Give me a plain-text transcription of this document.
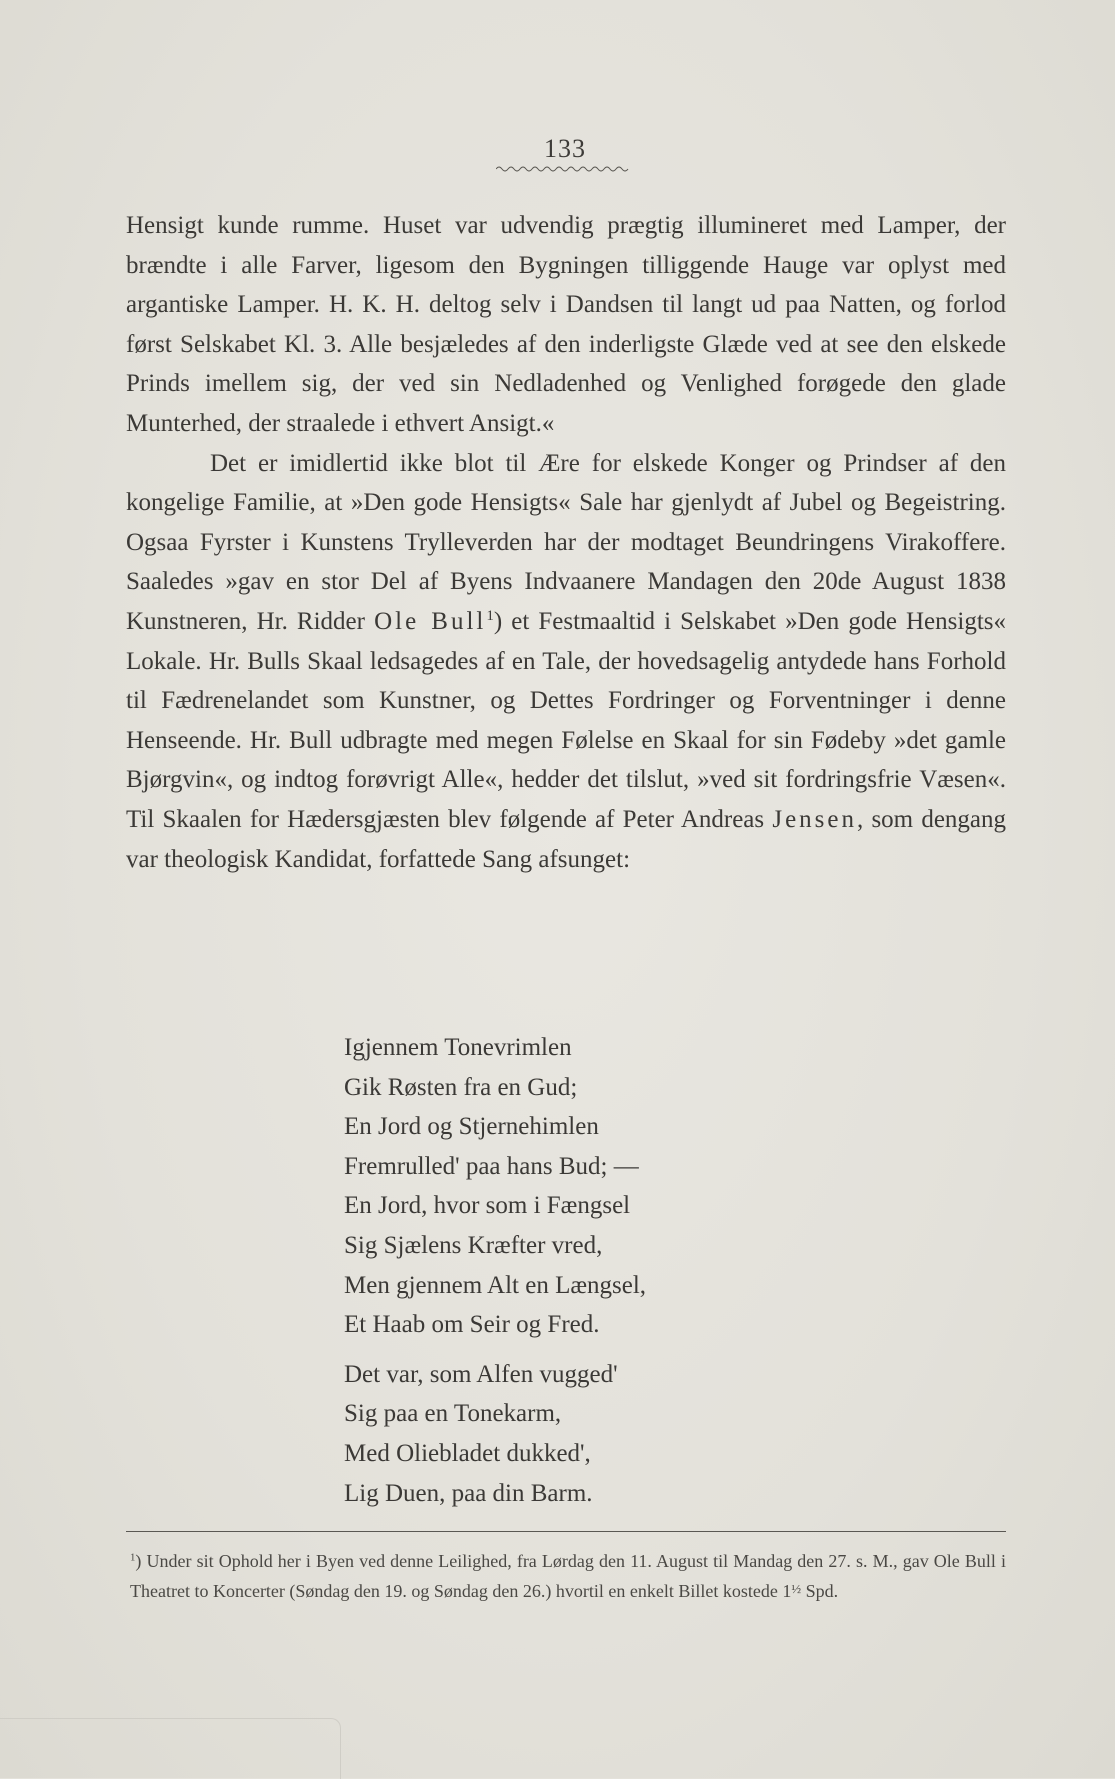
133

Hensigt kunde rumme. Huset var udvendig prægtig illumineret med Lamper, der brændte i alle Farver, ligesom den Bygningen tilliggende Hauge var oplyst med argantiske Lamper. H. K. H. deltog selv i Dandsen til langt ud paa Natten, og forlod først Selskabet Kl. 3. Alle besjæledes af den inderligste Glæde ved at see den elskede Prinds imellem sig, der ved sin Nedladenhed og Venlighed forøgede den glade Munterhed, der straalede i ethvert Ansigt.«

Det er imidlertid ikke blot til Ære for elskede Konger og Prindser af den kongelige Familie, at »Den gode Hensigts« Sale har gjenlydt af Jubel og Begeistring. Ogsaa Fyrster i Kunstens Trylleverden har der modtaget Beundringens Virakoffere. Saaledes »gav en stor Del af Byens Indvaanere Mandagen den 20de August 1838 Kunstneren, Hr. Ridder Ole Bull$^1$) et Festmaaltid i Selskabet »Den gode Hensigts« Lokale. Hr. Bulls Skaal ledsagedes af en Tale, der hovedsagelig antydede hans Forhold til Fædrenelandet som Kunstner, og Dettes Fordringer og Forventninger i denne Henseende. Hr. Bull udbragte med megen Følelse en Skaal for sin Fødeby »det gamle Bjørgvin«, og indtog forøvrigt Alle«, hedder det tilslut, »ved sit fordringsfrie Væsen«. Til Skaalen for Hædersgjæsten blev følgende af Peter Andreas Jensen, som dengang var theologisk Kandidat, forfattede Sang afsunget:

Igjennem Tonevrimlen
Gik Røsten fra en Gud;
En Jord og Stjernehimlen
Fremrulled' paa hans Bud; —
En Jord, hvor som i Fængsel
Sig Sjælens Kræfter vred,
Men gjennem Alt en Længsel,
Et Haab om Seir og Fred.
Det var, som Alfen vugged'
Sig paa en Tonekarm,
Med Oliebladet dukked',
Lig Duen, paa din Barm.
$^1$) Under sit Ophold her i Byen ved denne Leilighed, fra Lørdag den 11. August til Mandag den 27. s. M., gav Ole Bull i Theatret to Koncerter (Søndag den 19. og Søndag den 26.) hvortil en enkelt Billet kostede $1^{\frac{1}{2}}$ Spd.
